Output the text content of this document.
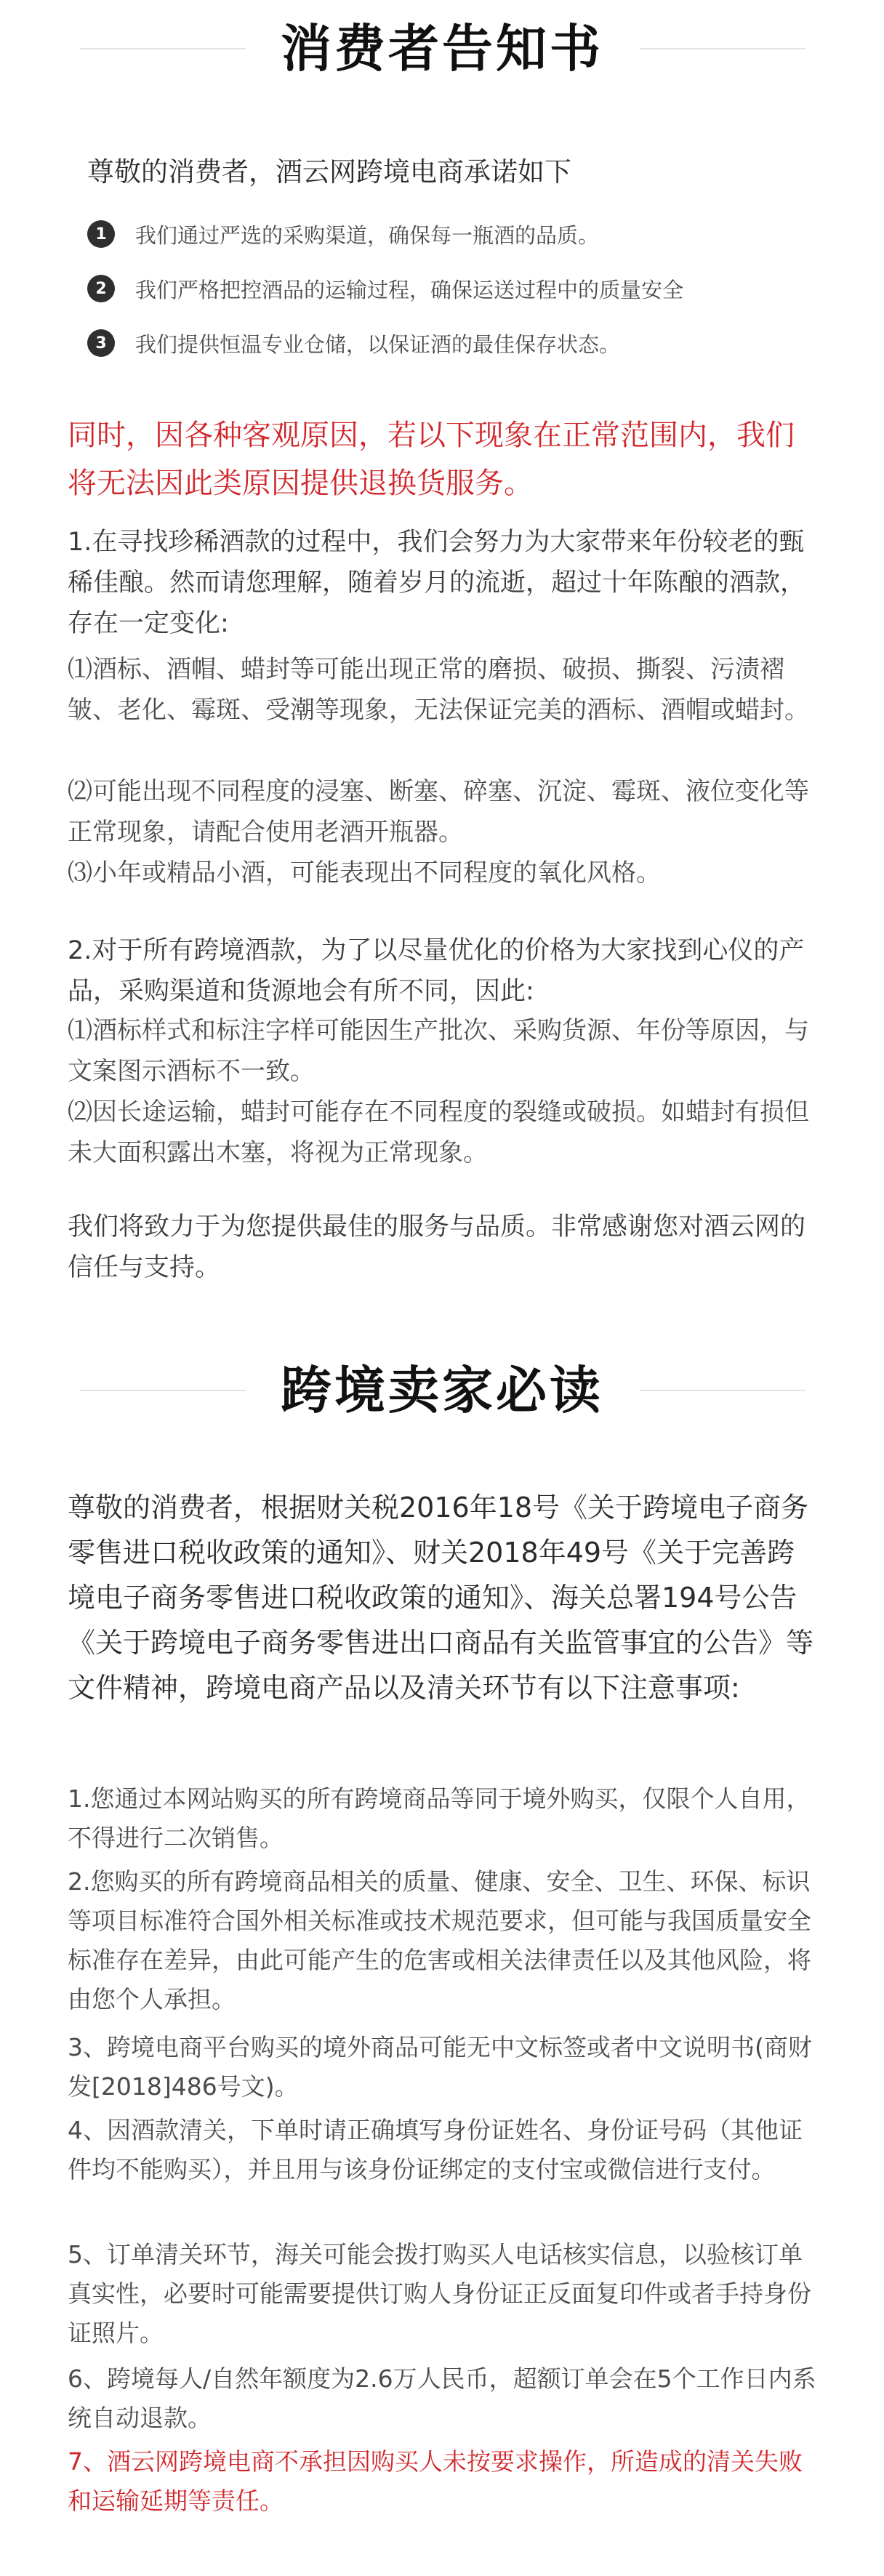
消费者告知书
尊敬的消费者，酒云网跨境电商承诺如下
1	我们通过严选的采购渠道，确保每一瓶酒的品质。
2	我们严格把控酒品的运输过程，确保运送过程中的质量安全
3	我们提供恒温专业仓储，以保证酒的最佳保存状态。

同时，因各种客观原因，若以下现象在正常范围内，我们将无法因此类原因提供退换货服务。

1.在寻找珍稀酒款的过程中，我们会努力为大家带来年份较老的甄稀佳酿。然而请您理解，随着岁月的流逝，超过十年陈酿的酒款，存在一定变化:

⑴酒标、酒帽、蜡封等可能出现正常的磨损、破损、撕裂、污渍褶皱、老化、霉斑、受潮等现象，无法保证完美的酒标、酒帽或蜡封。

⑵可能出现不同程度的浸塞、断塞、碎塞、沉淀、霉斑、液位变化等正常现象，请配合使用老酒开瓶器。

⑶小年或精品小酒，可能表现出不同程度的氧化风格。

2.对于所有跨境酒款，为了以尽量优化的价格为大家找到心仪的产品，采购渠道和货源地会有所不同，因此:

⑴酒标样式和标注字样可能因生产批次、采购货源、年份等原因，与文案图示酒标不一致。

⑵因长途运输，蜡封可能存在不同程度的裂缝或破损。如蜡封有损但未大面积露出木塞，将视为正常现象。

我们将致力于为您提供最佳的服务与品质。非常感谢您对酒云网的信任与支持。

跨境卖家必读

尊敬的消费者，根据财关税2016年18号《关于跨境电子商务零售进口税收政策的通知》、财关2018年49号《关于完善跨境电子商务零售进口税收政策的通知》、海关总署194号公告《关于跨境电子商务零售进出口商品有关监管事宜的公告》等文件精神，跨境电商产品以及清关环节有以下注意事项:

1.您通过本网站购买的所有跨境商品等同于境外购买，仅限个人自用，不得进行二次销售。

2.您购买的所有跨境商品相关的质量、健康、安全、卫生、环保、标识等项目标准符合国外相关标准或技术规范要求，但可能与我国质量安全标准存在差异，由此可能产生的危害或相关法律责任以及其他风险，将由您个人承担。

3、跨境电商平台购买的境外商品可能无中文标签或者中文说明书(商财发[2018]486号文)。

4、因酒款清关，下单时请正确填写身份证姓名、身份证号码（其他证件均不能购买），并且用与该身份证绑定的支付宝或微信进行支付。

5、订单清关环节，海关可能会拨打购买人电话核实信息，以验核订单真实性，必要时可能需要提供订购人身份证正反面复印件或者手持身份证照片。

6、跨境每人/自然年额度为2.6万人民币，超额订单会在5个工作日内系统自动退款。

7、酒云网跨境电商不承担因购买人未按要求操作，所造成的清关失败和运输延期等责任。
